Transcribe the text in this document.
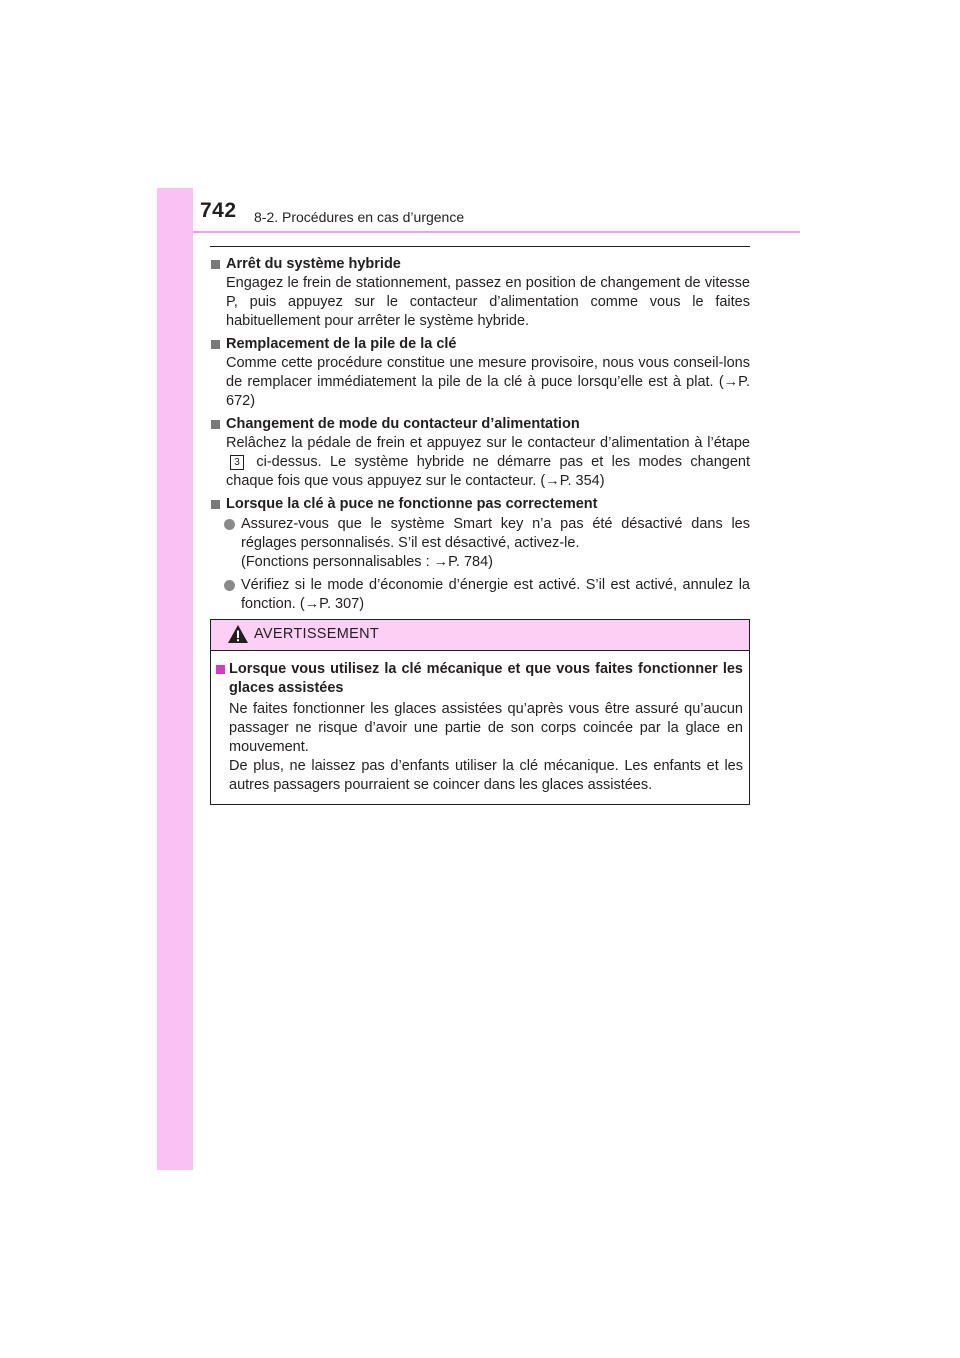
742 8-2. Procédures en cas d’urgence
Arrêt du système hybride
Engagez le frein de stationnement, passez en position de changement de vitesse P, puis appuyez sur le contacteur d’alimentation comme vous le faites habituellement pour arrêter le système hybride.
Remplacement de la pile de la clé
Comme cette procédure constitue une mesure provisoire, nous vous conseil-lons de remplacer immédiatement la pile de la clé à puce lorsqu’elle est à plat. (→P. 672)
Changement de mode du contacteur d’alimentation
Relâchez la pédale de frein et appuyez sur le contacteur d’alimentation à l’étape 3 ci-dessus. Le système hybride ne démarre pas et les modes changent chaque fois que vous appuyez sur le contacteur. (→P. 354)
Lorsque la clé à puce ne fonctionne pas correctement
Assurez-vous que le système Smart key n’a pas été désactivé dans les réglages personnalisés. S’il est désactivé, activez-le.
(Fonctions personnalisables : →P. 784)
Vérifiez si le mode d’économie d’énergie est activé. S’il est activé, annulez la fonction. (→P. 307)
AVERTISSEMENT
Lorsque vous utilisez la clé mécanique et que vous faites fonctionner les glaces assistées
Ne faites fonctionner les glaces assistées qu’après vous être assuré qu’aucun passager ne risque d’avoir une partie de son corps coincée par la glace en mouvement.
De plus, ne laissez pas d’enfants utiliser la clé mécanique. Les enfants et les autres passagers pourraient se coincer dans les glaces assistées.
